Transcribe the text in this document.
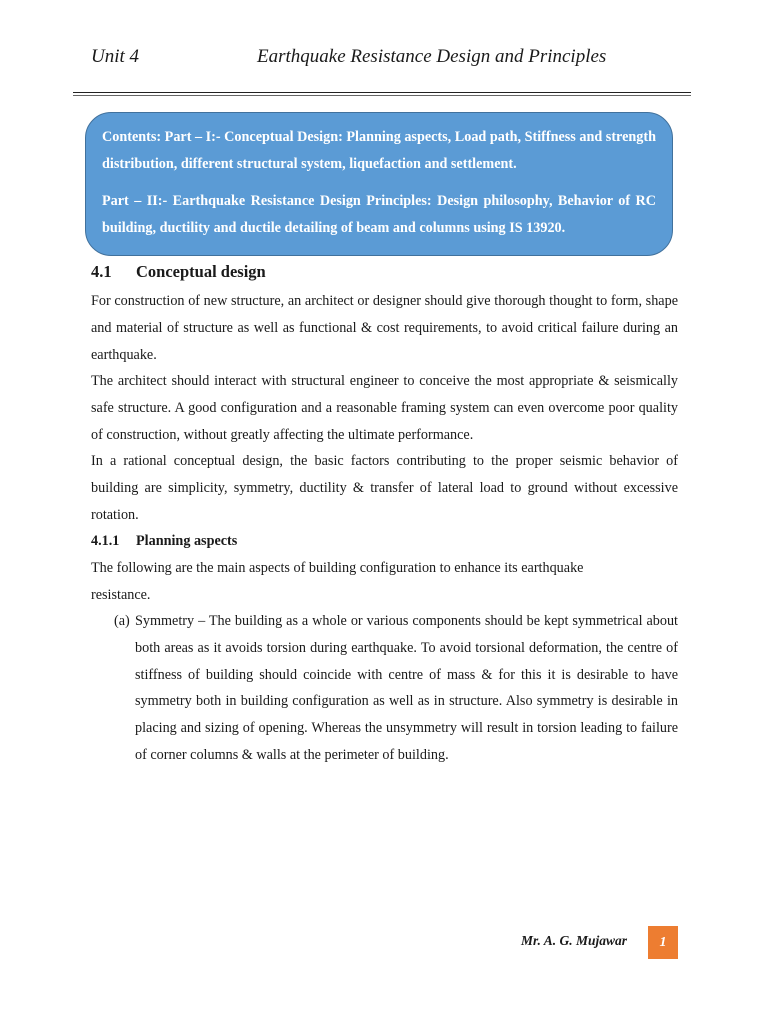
Unit 4	Earthquake Resistance Design and Principles

Contents: Part – I:- Conceptual Design: Planning aspects, Load path, Stiffness and strength distribution, different structural system, liquefaction and settlement.

Part – II:- Earthquake Resistance Design Principles: Design philosophy, Behavior of RC building, ductility and ductile detailing of beam and columns using IS 13920.

4.1 Conceptual design

For construction of new structure, an architect or designer should give thorough thought to form, shape and material of structure as well as functional & cost requirements, to avoid critical failure during an earthquake.

The architect should interact with structural engineer to conceive the most appropriate & seismically safe structure. A good configuration and a reasonable framing system can even overcome poor quality of construction, without greatly affecting the ultimate performance.

In a rational conceptual design, the basic factors contributing to the proper seismic behavior of building are simplicity, symmetry, ductility & transfer of lateral load to ground without excessive rotation.

4.1.1 Planning aspects

The following are the main aspects of building configuration to enhance its earthquake resistance.

(a) Symmetry – The building as a whole or various components should be kept symmetrical about both areas as it avoids torsion during earthquake. To avoid torsional deformation, the centre of stiffness of building should coincide with centre of mass & for this it is desirable to have symmetry both in building configuration as well as in structure. Also symmetry is desirable in placing and sizing of opening. Whereas the unsymmetry will result in torsion leading to failure of corner columns & walls at the perimeter of building.
Mr. A. G. Mujawar 1
